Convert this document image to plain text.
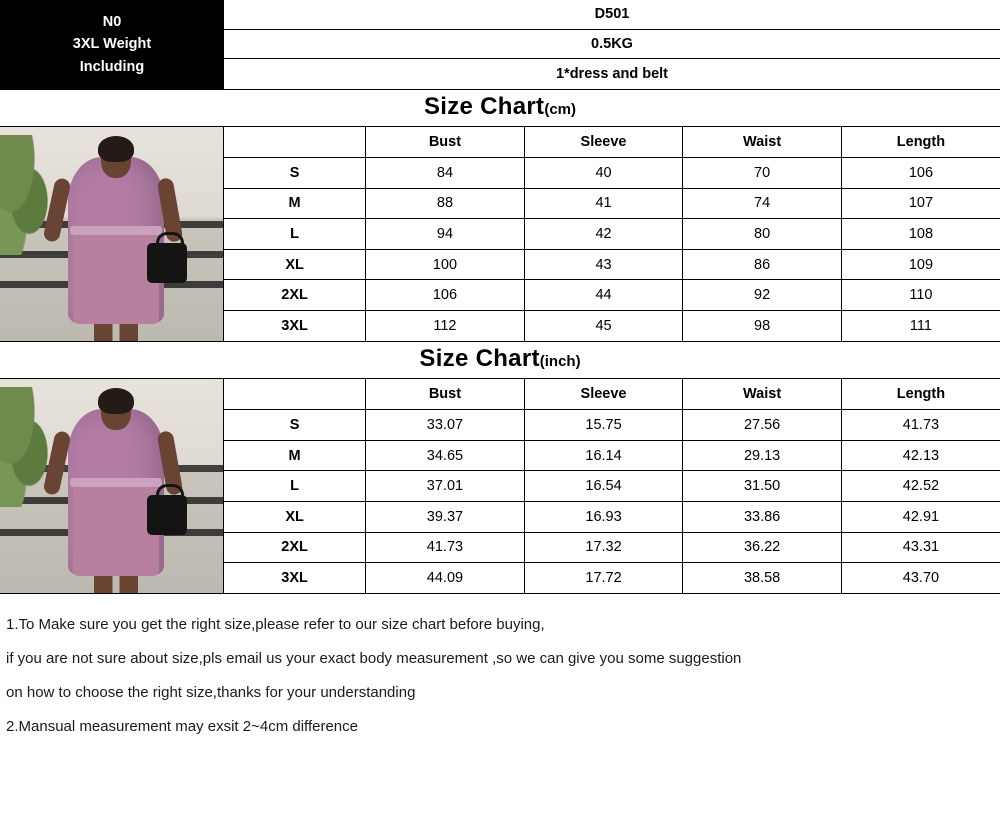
N0
3XL Weight
Including
D501
0.5KG
1*dress and belt
Size Chart(cm)
	Bust	Sleeve	Waist	Length
S	84	40	70	106
M	88	41	74	107
L	94	42	80	108
XL	100	43	86	109
2XL	106	44	92	110
3XL	112	45	98	111
Size Chart(inch)
	Bust	Sleeve	Waist	Length
S	33.07	15.75	27.56	41.73
M	34.65	16.14	29.13	42.13
L	37.01	16.54	31.50	42.52
XL	39.37	16.93	33.86	42.91
2XL	41.73	17.32	36.22	43.31
3XL	44.09	17.72	38.58	43.70

1.To Make sure you get the right size,please refer to our size chart before buying,

if you are not sure about size,pls email us your exact body measurement ,so we can give you some suggestion

on how to choose the right size,thanks for your understanding

2.Mansual measurement may exsit 2~4cm difference
